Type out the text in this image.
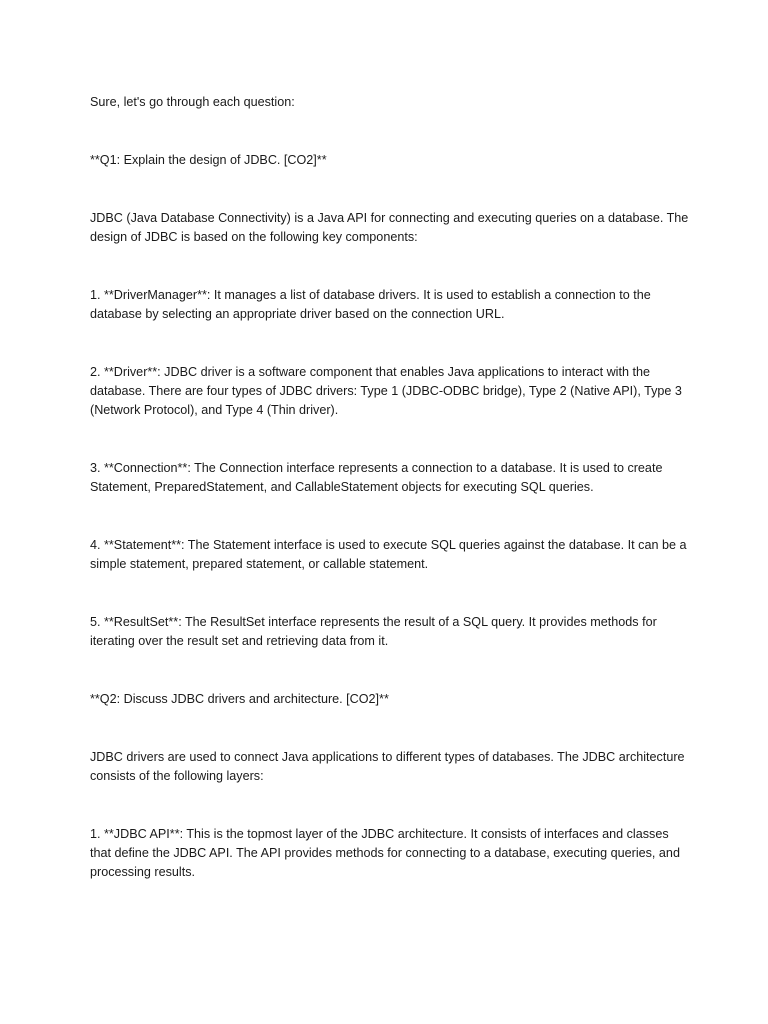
Sure, let's go through each question:

**Q1: Explain the design of JDBC. [CO2]**

JDBC (Java Database Connectivity) is a Java API for connecting and executing queries on a database. The design of JDBC is based on the following key components:

1. **DriverManager**: It manages a list of database drivers. It is used to establish a connection to the database by selecting an appropriate driver based on the connection URL.

2. **Driver**: JDBC driver is a software component that enables Java applications to interact with the database. There are four types of JDBC drivers: Type 1 (JDBC-ODBC bridge), Type 2 (Native API), Type 3 (Network Protocol), and Type 4 (Thin driver).

3. **Connection**: The Connection interface represents a connection to a database. It is used to create Statement, PreparedStatement, and CallableStatement objects for executing SQL queries.

4. **Statement**: The Statement interface is used to execute SQL queries against the database. It can be a simple statement, prepared statement, or callable statement.

5. **ResultSet**: The ResultSet interface represents the result of a SQL query. It provides methods for iterating over the result set and retrieving data from it.

**Q2: Discuss JDBC drivers and architecture. [CO2]**

JDBC drivers are used to connect Java applications to different types of databases. The JDBC architecture consists of the following layers:

1. **JDBC API**: This is the topmost layer of the JDBC architecture. It consists of interfaces and classes that define the JDBC API. The API provides methods for connecting to a database, executing queries, and processing results.
